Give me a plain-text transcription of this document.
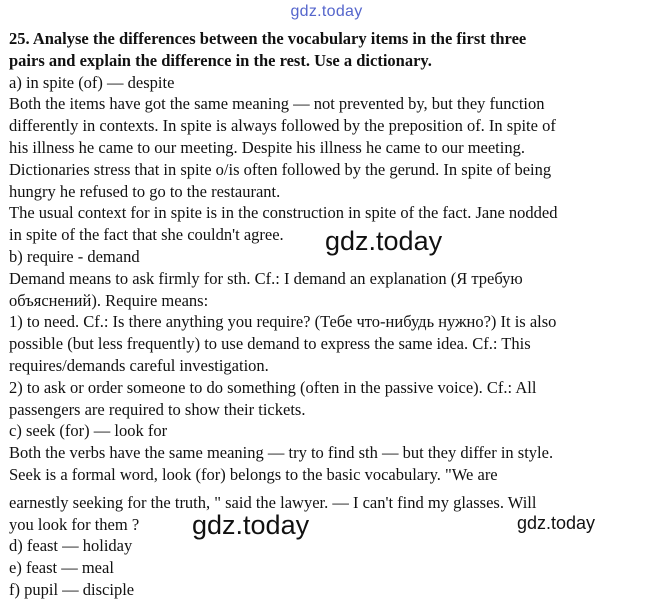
gdz.today
25. Analyse the differences between the vocabulary items in the first three
pairs and explain the difference in the rest. Use a dictionary.
a) in spite (of) — despite
Both the items have got the same meaning — not prevented by, but they function
differently in contexts. In spite is always followed by the preposition of. In spite of
his illness he came to our meeting. Despite his illness he came to our meeting.
Dictionaries stress that in spite o/is often followed by the gerund. In spite of being
hungry he refused to go to the restaurant.
The usual context for in spite is in the construction in spite of the fact. Jane nodded
in spite of the fact that she couldn't agree.
b) require - demand
Demand means to ask firmly for sth. Cf.: I demand an explanation (Я требую
объяснений). Require means:
1) to need. Cf.: Is there anything you require? (Тебе что-нибудь нужно?) It is also
possible (but less frequently) to use demand to express the same idea. Cf.: This
requires/demands careful investigation.
2) to ask or order someone to do something (often in the passive voice). Cf.: All
passengers are required to show their tickets.
c) seek (for) — look for
Both the verbs have the same meaning — try to find sth — but they differ in style.
Seek is a formal word, look (for) belongs to the basic vocabulary. "We are
earnestly seeking for the truth, " said the lawyer. — I can't find my glasses. Will
you look for them ?
d) feast — holiday
e) feast — meal
f) pupil — disciple
gdz.today
gdz.today	gdz.today
